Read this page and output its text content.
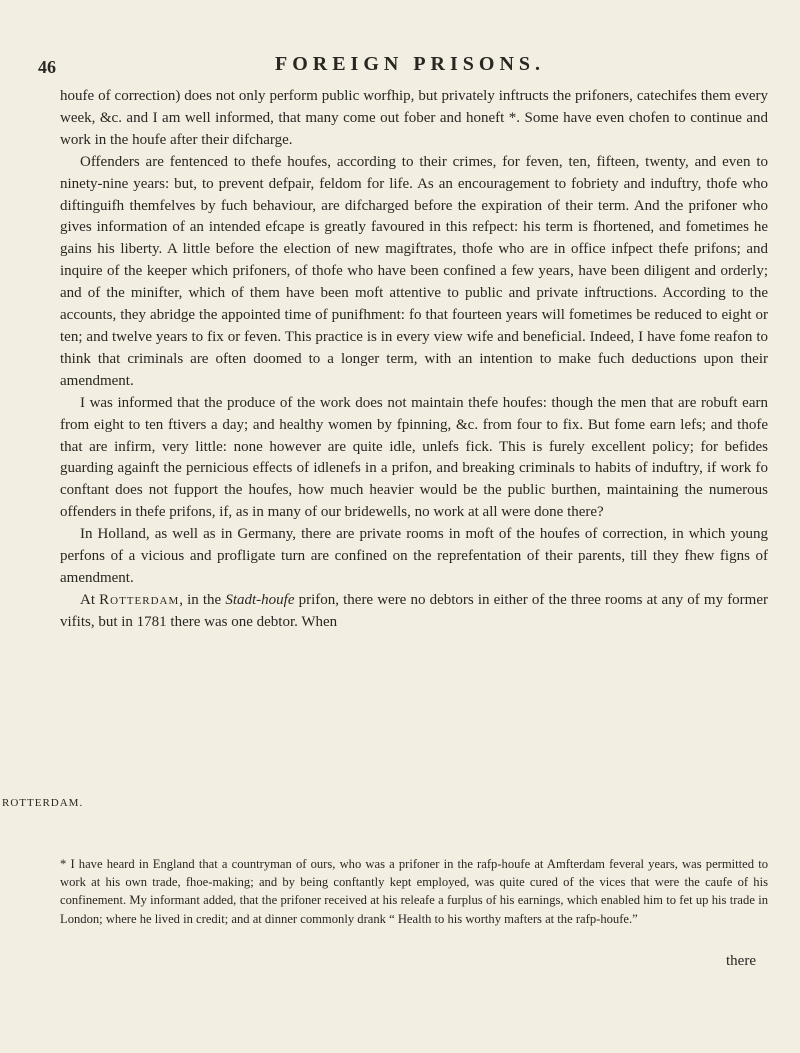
46	FOREIGN PRISONS.

houfe of correction) does not only perform public worfhip, but privately inftructs the prifoners, catechifes them every week, &c. and I am well informed, that many come out fober and honeft *. Some have even chofen to continue and work in the houfe after their difcharge.

Offenders are fentenced to thefe houfes, according to their crimes, for feven, ten, fifteen, twenty, and even to ninety-nine years: but, to prevent defpair, feldom for life. As an encouragement to fobriety and induftry, thofe who diftinguifh themfelves by fuch behaviour, are difcharged before the expiration of their term. And the prifoner who gives information of an intended efcape is greatly favoured in this refpect: his term is fhortened, and fometimes he gains his liberty. A little before the election of new magiftrates, thofe who are in office infpect thefe prifons; and inquire of the keeper which prifoners, of thofe who have been confined a few years, have been diligent and orderly; and of the minifter, which of them have been moft attentive to public and private inftructions. According to the accounts, they abridge the appointed time of punifhment: fo that fourteen years will fometimes be reduced to eight or ten; and twelve years to fix or feven. This practice is in every view wife and beneficial. Indeed, I have fome reafon to think that criminals are often doomed to a longer term, with an intention to make fuch deductions upon their amendment.

I was informed that the produce of the work does not maintain thefe houfes: though the men that are robuft earn from eight to ten ftivers a day; and healthy women by fpinning, &c. from four to fix. But fome earn lefs; and thofe that are infirm, very little: none however are quite idle, unlefs fick. This is furely excellent policy; for befides guarding againft the pernicious effects of idlenefs in a prifon, and breaking criminals to habits of induftry, if work fo conftant does not fupport the houfes, how much heavier would be the public burthen, maintaining the numerous offenders in thefe prifons, if, as in many of our bridewells, no work at all were done there?

In Holland, as well as in Germany, there are private rooms in moft of the houfes of correction, in which young perfons of a vicious and profligate turn are confined on the reprefentation of their parents, till they fhew figns of amendment.

At Rotterdam, in the Stadt-houfe prifon, there were no debtors in either of the three rooms at any of my former vifits, but in 1781 there was one debtor. When

ROTTERDAM.
* I have heard in England that a countryman of ours, who was a prifoner in the rafp-houfe at Amfterdam feveral years, was permitted to work at his own trade, fhoe-making; and by being conftantly kept employed, was quite cured of the vices that were the caufe of his confinement. My informant added, that the prifoner received at his releafe a furplus of his earnings, which enabled him to fet up his trade in London; where he lived in credit; and at dinner commonly drank “ Health to his worthy mafters at the rafp-houfe.”
there
